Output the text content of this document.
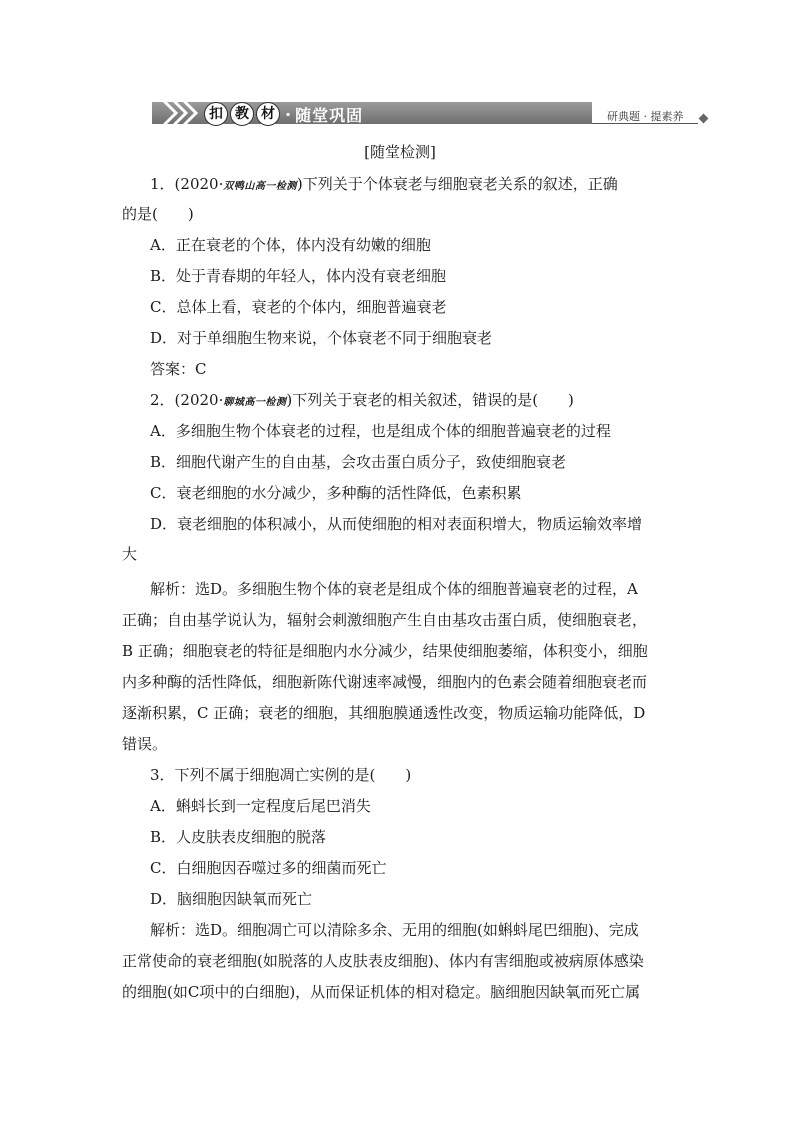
扣 教 材 · 随堂巩固	研典题 · 提素养
[随堂检测]
1．(2020·双鸭山高一检测)下列关于个体衰老与细胞衰老关系的叙述，正确
的是(　　)
A．正在衰老的个体，体内没有幼嫩的细胞
B．处于青春期的年轻人，体内没有衰老细胞
C．总体上看，衰老的个体内，细胞普遍衰老
D．对于单细胞生物来说，个体衰老不同于细胞衰老
答案：C
2．(2020·聊城高一检测)下列关于衰老的相关叙述，错误的是(　　)
A．多细胞生物个体衰老的过程，也是组成个体的细胞普遍衰老的过程
B．细胞代谢产生的自由基，会攻击蛋白质分子，致使细胞衰老
C．衰老细胞的水分减少，多种酶的活性降低，色素积累
D．衰老细胞的体积减小，从而使细胞的相对表面积增大，物质运输效率增
大
解析：选D。多细胞生物个体的衰老是组成个体的细胞普遍衰老的过程，A
正确；自由基学说认为，辐射会刺激细胞产生自由基攻击蛋白质，使细胞衰老，
B 正确；细胞衰老的特征是细胞内水分减少，结果使细胞萎缩，体积变小，细胞
内多种酶的活性降低，细胞新陈代谢速率减慢，细胞内的色素会随着细胞衰老而
逐渐积累，C 正确；衰老的细胞，其细胞膜通透性改变，物质运输功能降低，D
错误。
3．下列不属于细胞凋亡实例的是(　　)
A．蝌蚪长到一定程度后尾巴消失
B．人皮肤表皮细胞的脱落
C．白细胞因吞噬过多的细菌而死亡
D．脑细胞因缺氧而死亡
解析：选D。细胞凋亡可以清除多余、无用的细胞(如蝌蚪尾巴细胞)、完成
正常使命的衰老细胞(如脱落的人皮肤表皮细胞)、体内有害细胞或被病原体感染
的细胞(如C项中的白细胞)，从而保证机体的相对稳定。脑细胞因缺氧而死亡属
